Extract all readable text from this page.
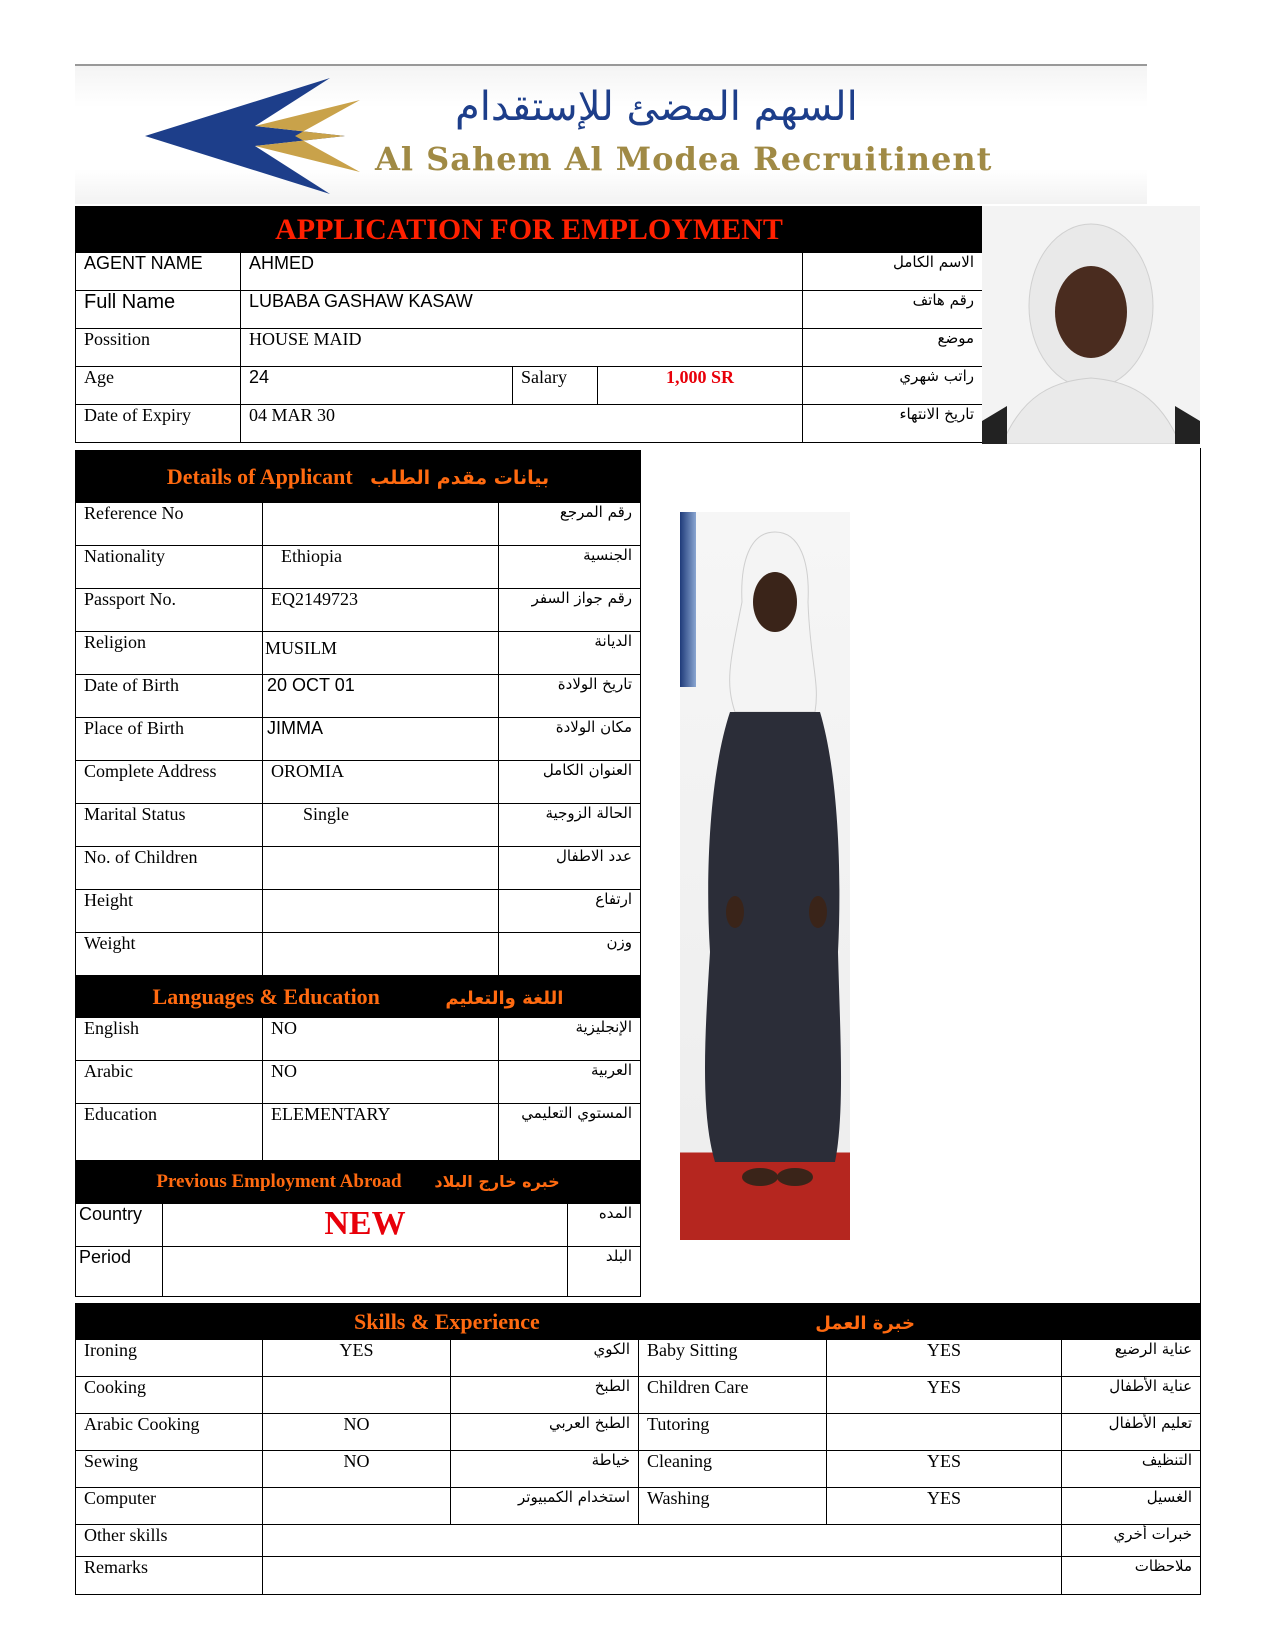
السهم المضئ للإستقدام
Al Sahem Al Modea Recruitinent
APPLICATION FOR EMPLOYMENT				
AGENT NAME	AHMED			الاسم الكامل
Full Name	LUBABA GASHAW KASAW			رقم هاتف
Possition	HOUSE MAID			موضع
Age	24	Salary	1,000 SR	راتب شهري
Date of Expiry	04 MAR 30			تاريخ الانتهاء
Details of Applicant بيانات مقدم الطلب		
Reference No		رقم المرجع
Nationality	Ethiopia	الجنسية
Passport No.	EQ2149723	رقم جواز السفر
Religion	MUSILM	الديانة
Date of Birth	20 OCT 01	تاريخ الولادة
Place of Birth	JIMMA	مكان الولادة
Complete Address	OROMIA	العنوان الكامل
Marital Status	Single	الحالة الزوجية
No. of Children		عدد الاطفال
Height		ارتفاع
Weight		وزن
Languages & Education اللغة والتعليم		
English	NO	الإنجليزية
Arabic	NO	العربية
Education	ELEMENTARY	المستوي التعليمي
Previous Employment Abroad خبره خارج البلاد		
Country	NEW	المده
Period		البلد
Skills & Experience خبرة العمل					
Ironing	YES	الكوي	Baby Sitting	YES	عناية الرضيع
Cooking		الطبخ	Children Care	YES	عناية الأطفال
Arabic Cooking	NO	الطبخ العربي	Tutoring		تعليم الأطفال
Sewing	NO	خياطة	Cleaning	YES	التنظيف
Computer		استخدام الكمبيوتر	Washing	YES	الغسيل
Other skills					خبرات أخري
Remarks					ملاحظات
